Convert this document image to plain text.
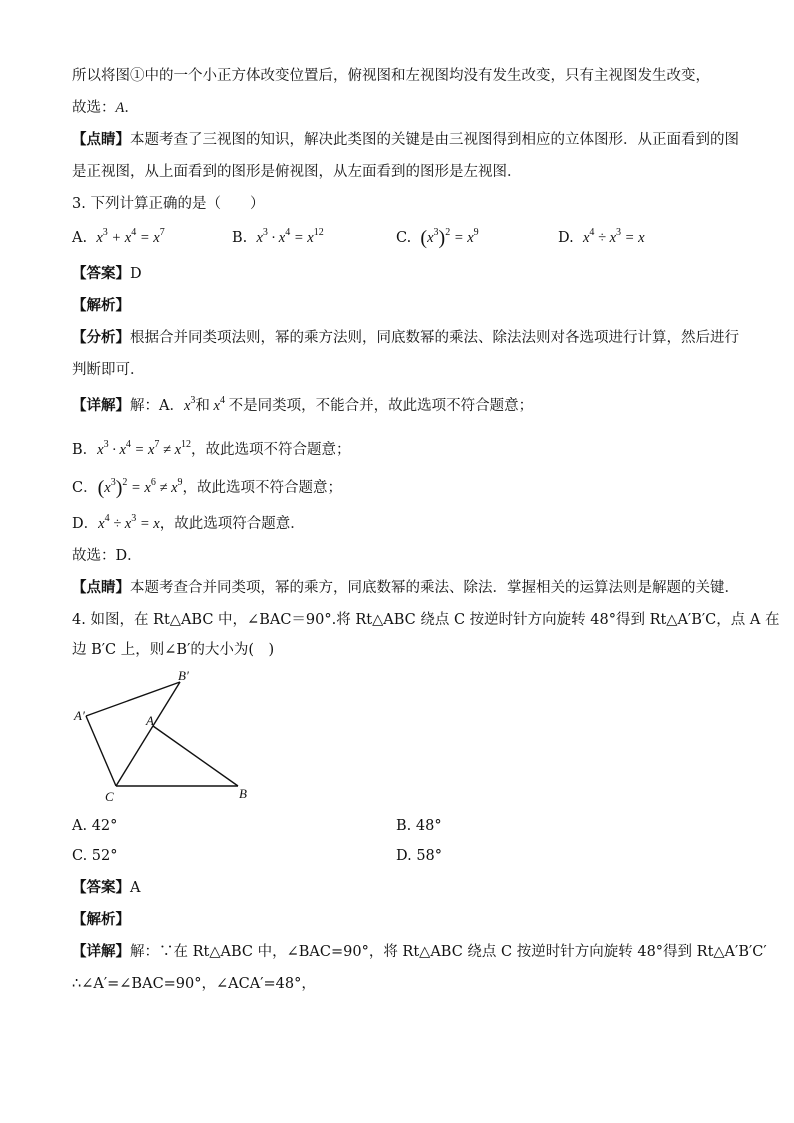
所以将图①中的一个小正方体改变位置后，俯视图和左视图均没有发生改变，只有主视图发生改变，
故选：A．
【点睛】本题考查了三视图的知识，解决此类图的关键是由三视图得到相应的立体图形．从正面看到的图
是正视图，从上面看到的图形是俯视图，从左面看到的图形是左视图．
3. 下列计算正确的是（　　）
A. $x^3 + x^4 = x^7$	B. $x^3 \cdot x^4 = x^{12}$	C. $(x^3)^2 = x^9$	D. $x^4 \div x^3 = x$
【答案】D
【解析】
【分析】根据合并同类项法则，幂的乘方法则，同底数幂的乘法、除法法则对各选项进行计算，然后进行
判断即可．
【详解】解：A．$x^3$和 $x^4$ 不是同类项，不能合并，故此选项不符合题意；
B．$x^3 \cdot x^4 = x^7 \ne x^{12}$，故此选项不符合题意；
C．$(x^3)^2 = x^6 \ne x^9$，故此选项不符合题意；
D．$x^4 \div x^3 = x$，故此选项符合题意．
故选：D．
【点睛】本题考查合并同类项，幂的乘方，同底数幂的乘法、除法．掌握相关的运算法则是解题的关键．
4. 如图，在 Rt△ABC 中，∠BAC＝90°.将 Rt△ABC 绕点 C 按逆时针方向旋转 48°得到 Rt△A′B′C，点 A 在
边 B′C 上，则∠B′的大小为(　)
B′
A′	A
C	B
A. 42°	B. 48°
C. 52°	D. 58°
【答案】A
【解析】
【详解】解：∵在 Rt△ABC 中，∠BAC=90°，将 Rt△ABC 绕点 C 按逆时针方向旋转 48°得到 Rt△A′B′C′
∴∠A′=∠BAC=90°，∠ACA′=48°，
